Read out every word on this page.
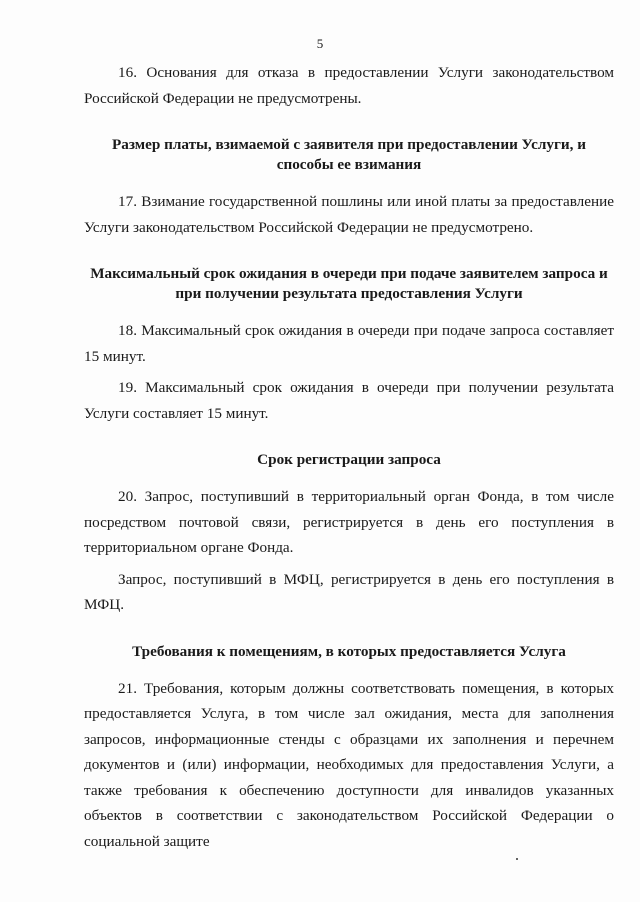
5

16. Основания для отказа в предоставлении Услуги законодательством Российской Федерации не предусмотрены.

Размер платы, взимаемой с заявителя при предоставлении Услуги, и способы ее взимания

17. Взимание государственной пошлины или иной платы за предоставление Услуги законодательством Российской Федерации не предусмотрено.

Максимальный срок ожидания в очереди при подаче заявителем запроса и при получении результата предоставления Услуги

18. Максимальный срок ожидания в очереди при подаче запроса составляет 15 минут.

19. Максимальный срок ожидания в очереди при получении результата Услуги составляет 15 минут.

Срок регистрации запроса

20. Запрос, поступивший в территориальный орган Фонда, в том числе посредством почтовой связи, регистрируется в день его поступления в территориальном органе Фонда.

Запрос, поступивший в МФЦ, регистрируется в день его поступления в МФЦ.

Требования к помещениям, в которых предоставляется Услуга

21. Требования, которым должны соответствовать помещения, в которых предоставляется Услуга, в том числе зал ожидания, места для заполнения запросов, информационные стенды с образцами их заполнения и перечнем документов и (или) информации, необходимых для предоставления Услуги, а также требования к обеспечению доступности для инвалидов указанных объектов в соответствии с законодательством Российской Федерации о социальной защите
